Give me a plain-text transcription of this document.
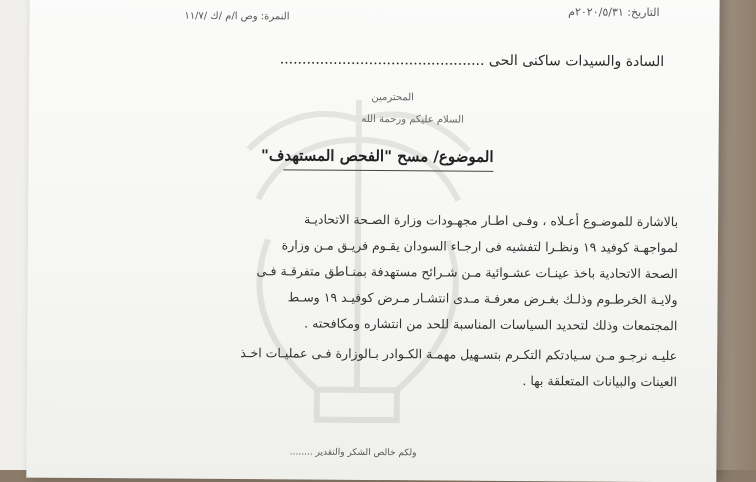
التاريخ: ٢٠٢٠/٥/٣١م
النمرة: وص ا/م /ك /١١/٧
السادة والسيدات ساكنى الحى ..............................................
المحترمين
السلام عليكم ورحمة الله
الموضوع/ مسح "الفحص المستهدف"
بالاشارة للموضـوع أعـلاه ، وفـى اطـار مجهـودات وزارة الصـحة الاتحاديـة
لمواجهـة كوفيد ١٩ ونظـرا لتفشيه فى ارجـاء السودان يقـوم فريـق مـن وزارة
الصحة الاتحادية باخذ عينـات عشـوائية مـن شـرائح مستهدفة بمنـاطق متفرقـة فـى
ولايـة الخرطـوم وذلـك بغـرض معرفـة مـدى انتشـار مـرض كوفيـد ١٩ وسـط
المجتمعات وذلك لتحديد السياسات المناسبة للحد من انتشاره ومكافحته .
عليـه نرجـو مـن سـيادتكم التكـرم بتسـهيل مهمـة الكـوادر بـالوزارة فـى عمليـات اخـذ
العينات والبيانات المتعلقة بها .
ولكم خالص الشكر والتقدير ........
